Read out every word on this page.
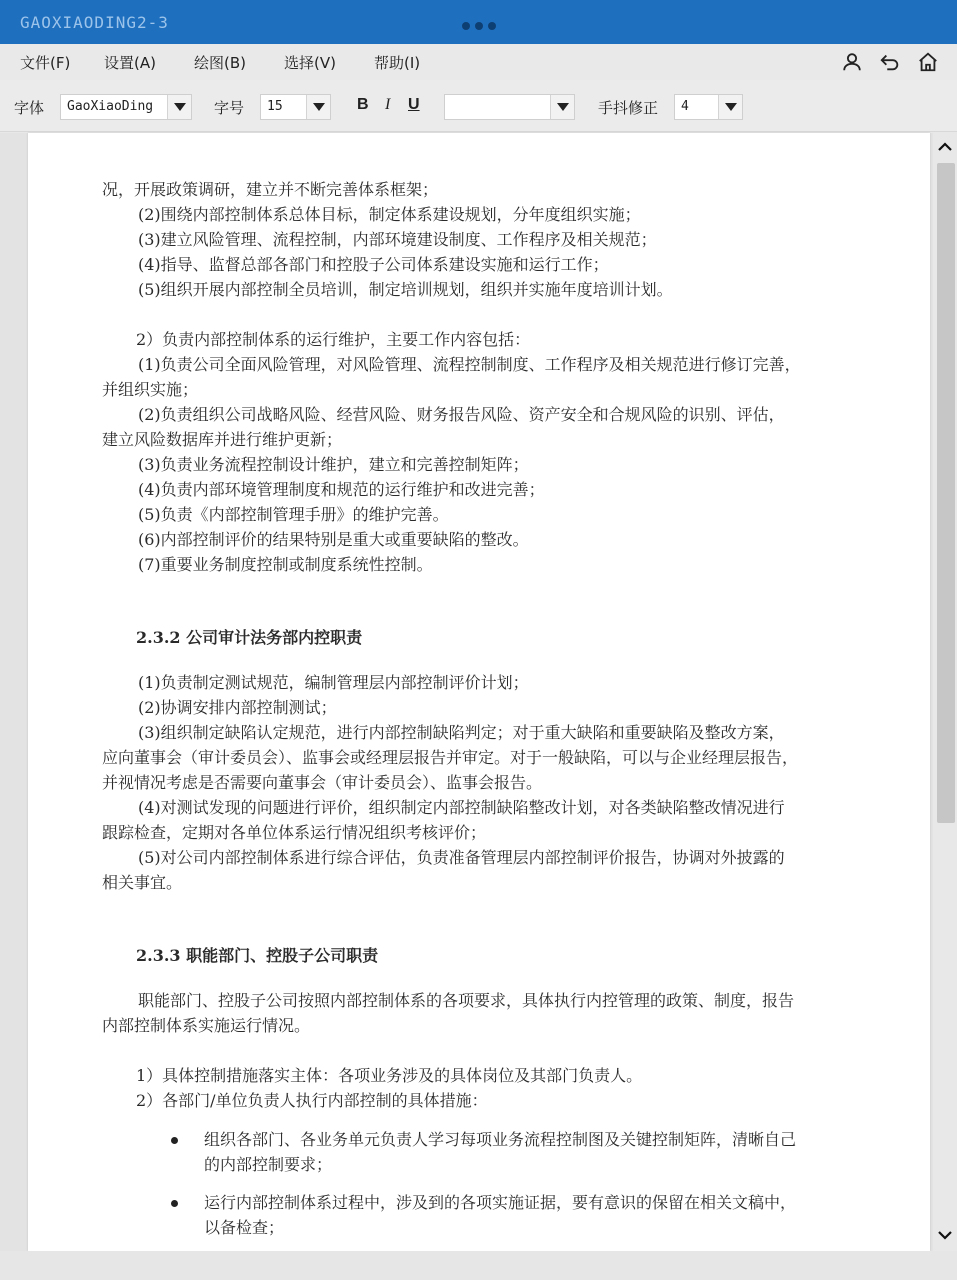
GAOXIAODING2-3
文件(F) 设置(A)	绘图(B)	选择(V)	帮助(I)
字体	GaoXiaoDing	字号	15	B I U	手抖修正	4
况，开展政策调研，建立并不断完善体系框架；
(2)围绕内部控制体系总体目标，制定体系建设规划，分年度组织实施；
(3)建立风险管理、流程控制，内部环境建设制度、工作程序及相关规范；
(4)指导、监督总部各部门和控股子公司体系建设实施和运行工作；
(5)组织开展内部控制全员培训，制定培训规划，组织并实施年度培训计划。
2）负责内部控制体系的运行维护，主要工作内容包括：
(1)负责公司全面风险管理，对风险管理、流程控制制度、工作程序及相关规范进行修订完善，
并组织实施；
(2)负责组织公司战略风险、经营风险、财务报告风险、资产安全和合规风险的识别、评估，
建立风险数据库并进行维护更新；
(3)负责业务流程控制设计维护，建立和完善控制矩阵；
(4)负责内部环境管理制度和规范的运行维护和改进完善；
(5)负责《内部控制管理手册》的维护完善。
(6)内部控制评价的结果特别是重大或重要缺陷的整改。
(7)重要业务制度控制或制度系统性控制。
2.3.2 公司审计法务部内控职责
(1)负责制定测试规范，编制管理层内部控制评价计划；
(2)协调安排内部控制测试；
(3)组织制定缺陷认定规范，进行内部控制缺陷判定；对于重大缺陷和重要缺陷及整改方案，
应向董事会（审计委员会）、监事会或经理层报告并审定。对于一般缺陷，可以与企业经理层报告，
并视情况考虑是否需要向董事会（审计委员会）、监事会报告。
(4)对测试发现的问题进行评价，组织制定内部控制缺陷整改计划，对各类缺陷整改情况进行
跟踪检查，定期对各单位体系运行情况组织考核评价；
(5)对公司内部控制体系进行综合评估，负责准备管理层内部控制评价报告，协调对外披露的
相关事宜。
2.3.3 职能部门、控股子公司职责
职能部门、控股子公司按照内部控制体系的各项要求，具体执行内控管理的政策、制度，报告
内部控制体系实施运行情况。
1）具体控制措施落实主体：各项业务涉及的具体岗位及其部门负责人。
2）各部门/单位负责人执行内部控制的具体措施：
组织各部门、各业务单元负责人学习每项业务流程控制图及关键控制矩阵，清晰自己
的内部控制要求；
运行内部控制体系过程中，涉及到的各项实施证据，要有意识的保留在相关文稿中，
以备检查；
